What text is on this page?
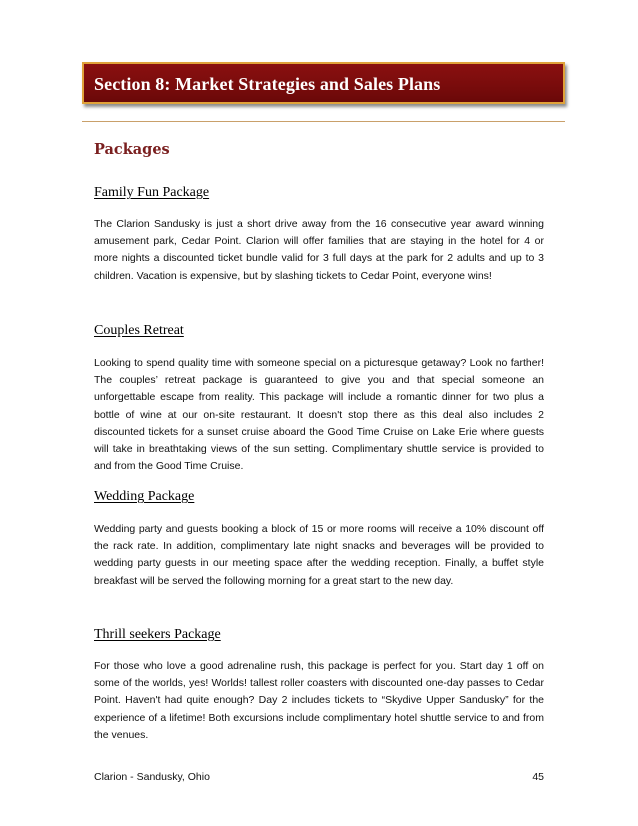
Section 8: Market Strategies and Sales Plans
Packages
Family Fun Package

The Clarion Sandusky is just a short drive away from the 16 consecutive year award winning amusement park, Cedar Point. Clarion will offer families that are staying in the hotel for 4 or more nights a discounted ticket bundle valid for 3 full days at the park for 2 adults and up to 3 children. Vacation is expensive, but by slashing tickets to Cedar Point, everyone wins!

Couples Retreat

Looking to spend quality time with someone special on a picturesque getaway? Look no farther! The couples’ retreat package is guaranteed to give you and that special someone an unforgettable escape from reality. This package will include a romantic dinner for two plus a bottle of wine at our on-site restaurant. It doesn't stop there as this deal also includes 2 discounted tickets for a sunset cruise aboard the Good Time Cruise on Lake Erie where guests will take in breathtaking views of the sun setting. Complimentary shuttle service is provided to and from the Good Time Cruise.

Wedding Package

Wedding party and guests booking a block of 15 or more rooms will receive a 10% discount off the rack rate. In addition, complimentary late night snacks and beverages will be provided to wedding party guests in our meeting space after the wedding reception. Finally, a buffet style breakfast will be served the following morning for a great start to the new day.

Thrill seekers Package

For those who love a good adrenaline rush, this package is perfect for you. Start day 1 off on some of the worlds, yes! Worlds! tallest roller coasters with discounted one-day passes to Cedar Point. Haven't had quite enough? Day 2 includes tickets to “Skydive Upper Sandusky” for the experience of a lifetime! Both excursions include complimentary hotel shuttle service to and from the venues.

Clarion - Sandusky, Ohio	45
